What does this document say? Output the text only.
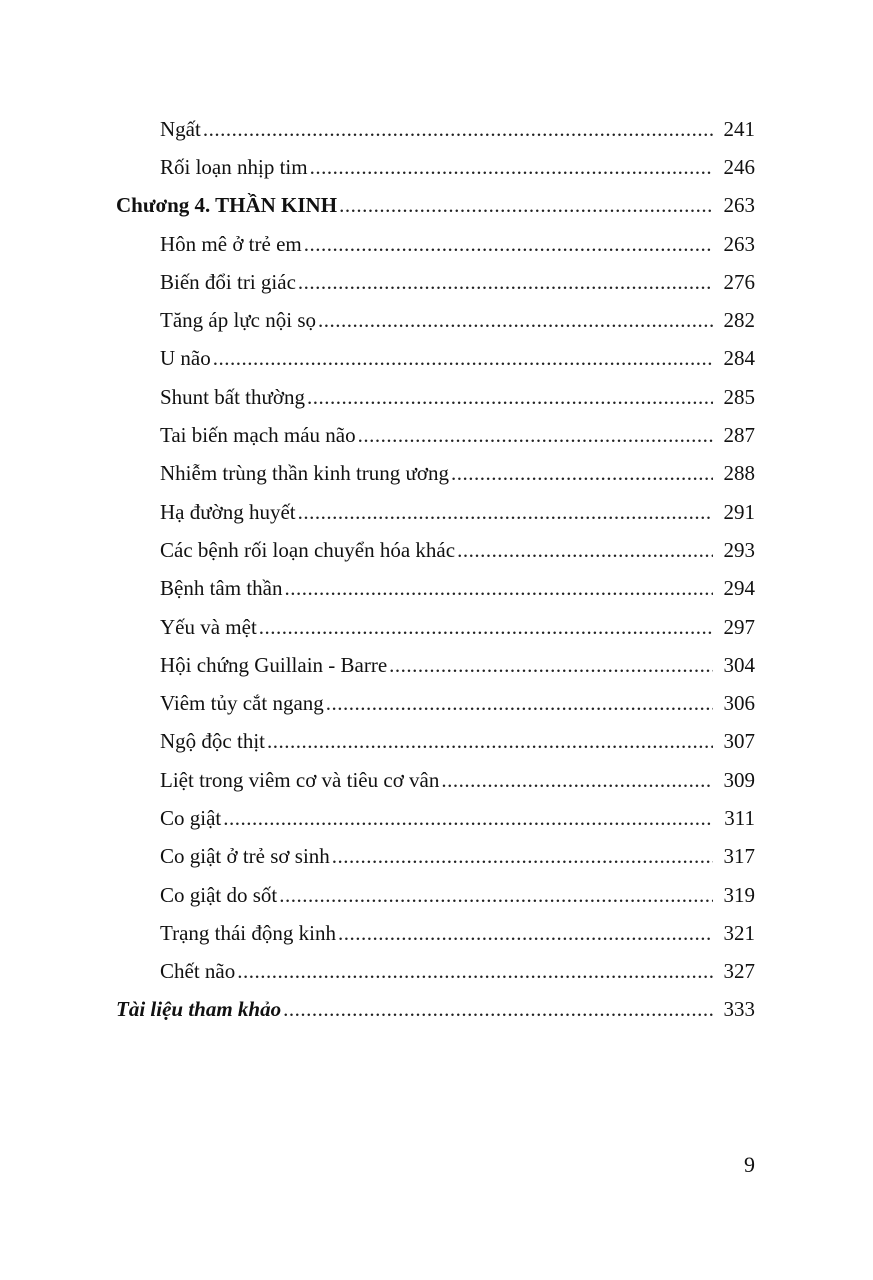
Ngất .....	241
Rối loạn nhịp tim .....	246
Chương 4. THẦN KINH .....	263
Hôn mê ở trẻ em .....	263
Biến đổi tri giác .....	276
Tăng áp lực nội sọ .....	282
U não .....	284
Shunt bất thường .....	285
Tai biến mạch máu não .....	287
Nhiễm trùng thần kinh trung ương .....	288
Hạ đường huyết .....	291
Các bệnh rối loạn chuyển hóa khác .....	293
Bệnh tâm thần .....	294
Yếu và mệt .....	297
Hội chứng Guillain - Barre .....	304
Viêm tủy cắt ngang .....	306
Ngộ độc thịt .....	307
Liệt trong viêm cơ và tiêu cơ vân .....	309
Co giật .....	311
Co giật ở trẻ sơ sinh .....	317
Co giật do sốt .....	319
Trạng thái động kinh .....	321
Chết não .....	327
Tài liệu tham khảo .....	333
9
